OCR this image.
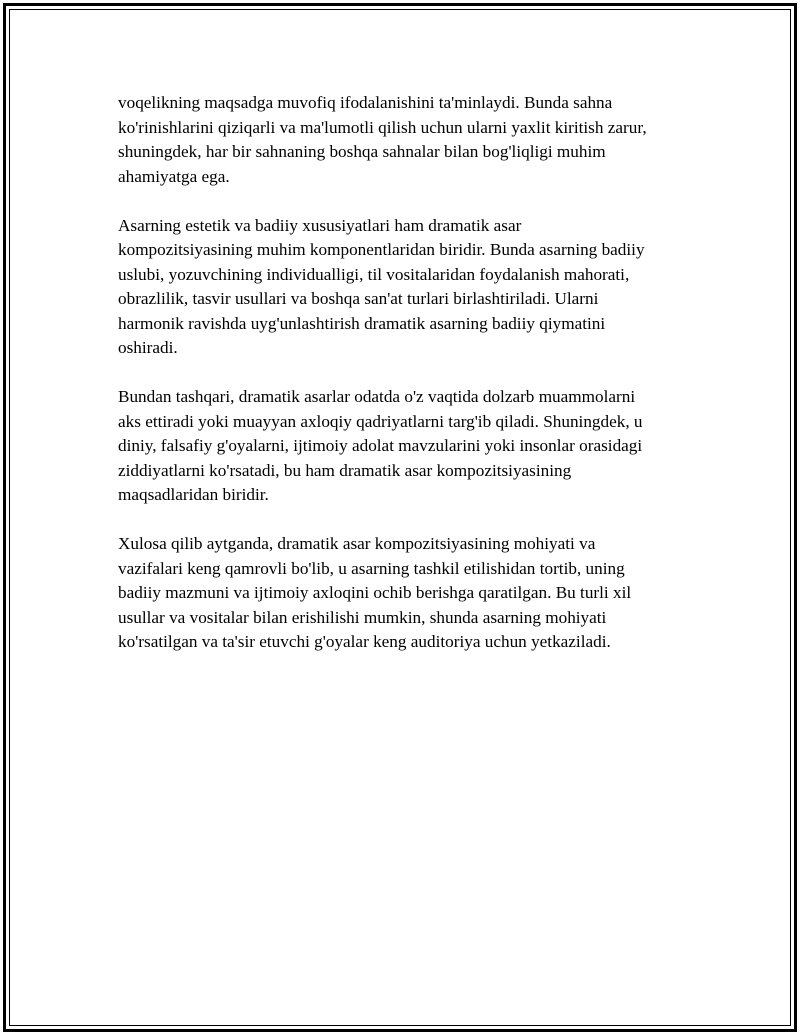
voqelikning maqsadga muvofiq ifodalanishini ta'minlaydi. Bunda sahna
ko'rinishlarini qiziqarli va ma'lumotli qilish uchun ularni yaxlit kiritish zarur,
shuningdek, har bir sahnaning boshqa sahnalar bilan bog'liqligi muhim
ahamiyatga ega.

Asarning estetik va badiiy xususiyatlari ham dramatik asar
kompozitsiyasining muhim komponentlaridan biridir. Bunda asarning badiiy
uslubi, yozuvchining individualligi, til vositalaridan foydalanish mahorati,
obrazlilik, tasvir usullari va boshqa san'at turlari birlashtiriladi. Ularni
harmonik ravishda uyg'unlashtirish dramatik asarning badiiy qiymatini
oshiradi.

Bundan tashqari, dramatik asarlar odatda o'z vaqtida dolzarb muammolarni
aks ettiradi yoki muayyan axloqiy qadriyatlarni targ'ib qiladi. Shuningdek, u
diniy, falsafiy g'oyalarni, ijtimoiy adolat mavzularini yoki insonlar orasidagi
ziddiyatlarni ko'rsatadi, bu ham dramatik asar kompozitsiyasining
maqsadlaridan biridir.

Xulosa qilib aytganda, dramatik asar kompozitsiyasining mohiyati va
vazifalari keng qamrovli bo'lib, u asarning tashkil etilishidan tortib, uning
badiiy mazmuni va ijtimoiy axloqini ochib berishga qaratilgan. Bu turli xil
usullar va vositalar bilan erishilishi mumkin, shunda asarning mohiyati
ko'rsatilgan va ta'sir etuvchi g'oyalar keng auditoriya uchun yetkaziladi.
